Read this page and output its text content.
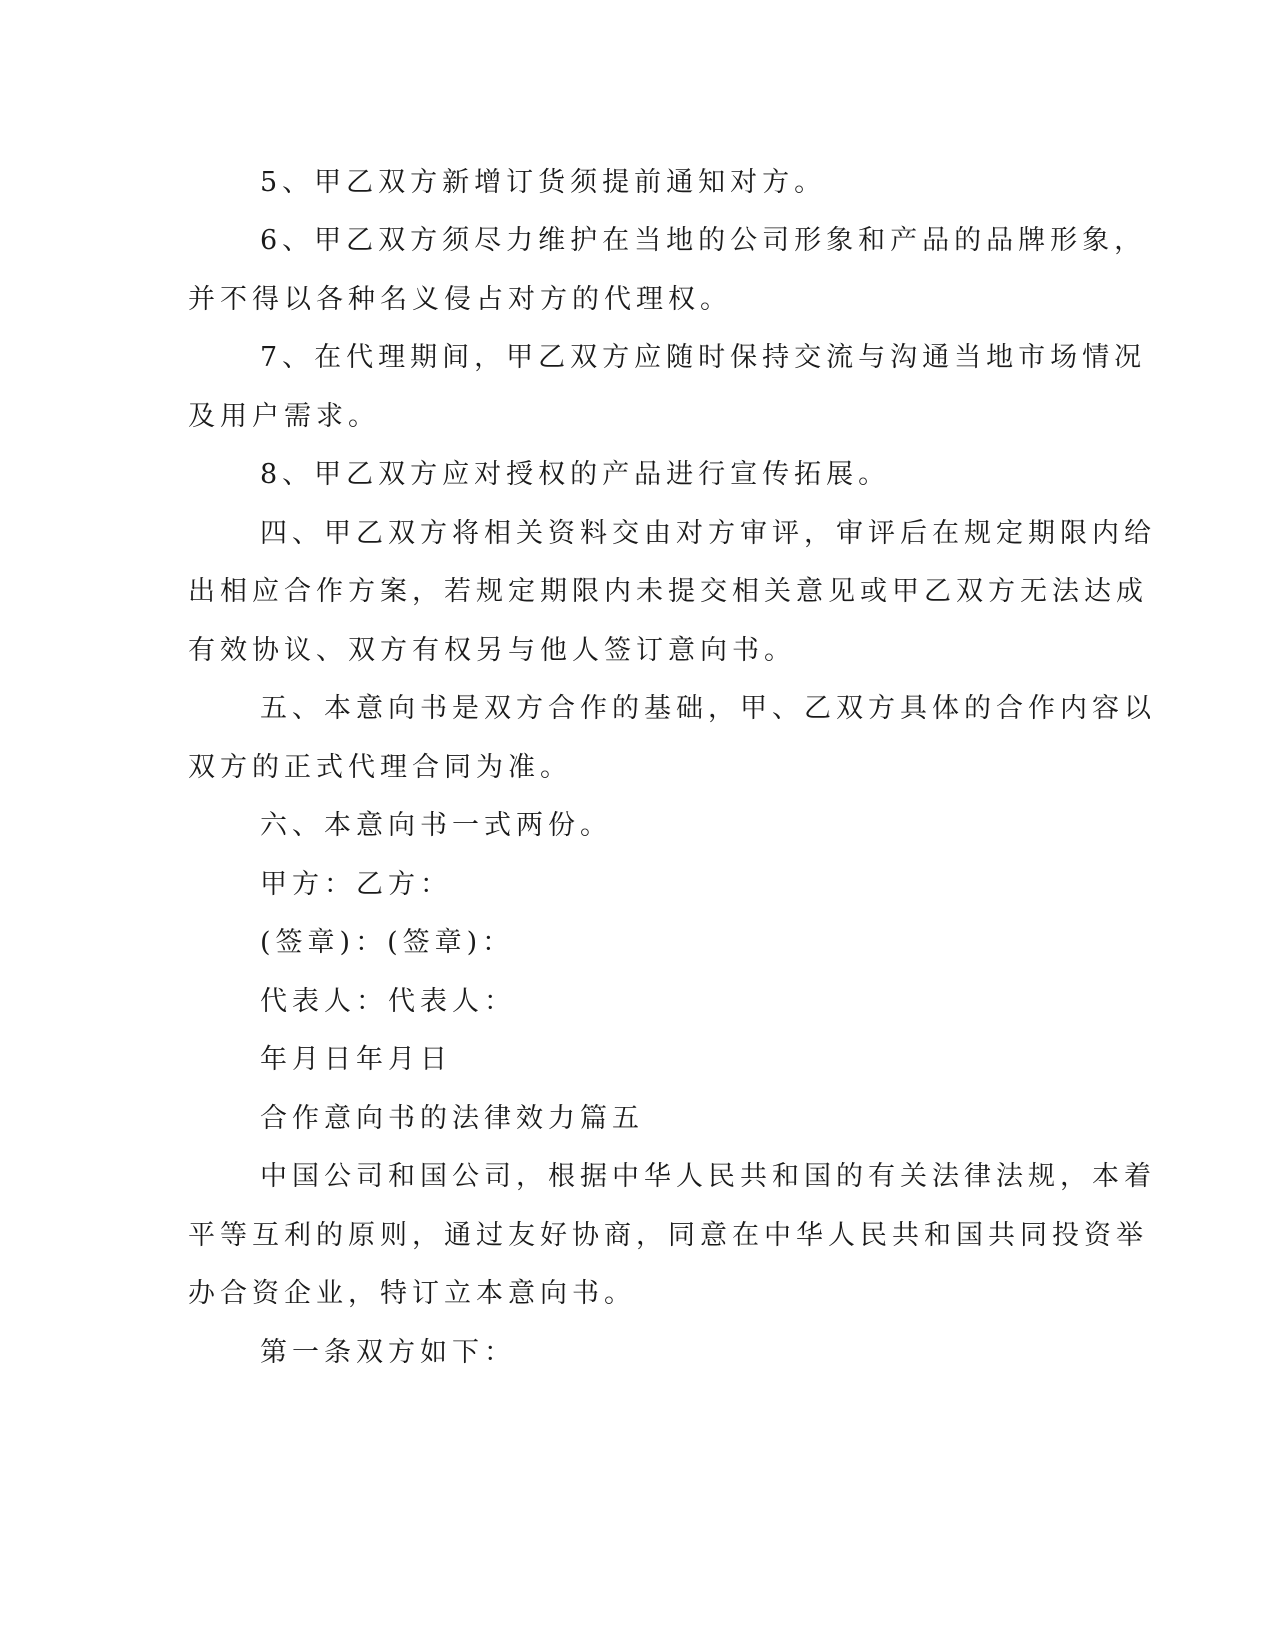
5、甲乙双方新增订货须提前通知对方。

6、甲乙双方须尽力维护在当地的公司形象和产品的品牌形象，

并不得以各种名义侵占对方的代理权。

7、在代理期间，甲乙双方应随时保持交流与沟通当地市场情况

及用户需求。

8、甲乙双方应对授权的产品进行宣传拓展。

四、甲乙双方将相关资料交由对方审评，审评后在规定期限内给

出相应合作方案，若规定期限内未提交相关意见或甲乙双方无法达成

有效协议、双方有权另与他人签订意向书。

五、本意向书是双方合作的基础，甲、乙双方具体的合作内容以

双方的正式代理合同为准。

六、本意向书一式两份。

甲方：乙方：

(签章)：(签章)：

代表人：代表人：

年月日年月日

合作意向书的法律效力篇五

中国公司和国公司，根据中华人民共和国的有关法律法规，本着

平等互利的原则，通过友好协商，同意在中华人民共和国共同投资举

办合资企业，特订立本意向书。

第一条双方如下：
